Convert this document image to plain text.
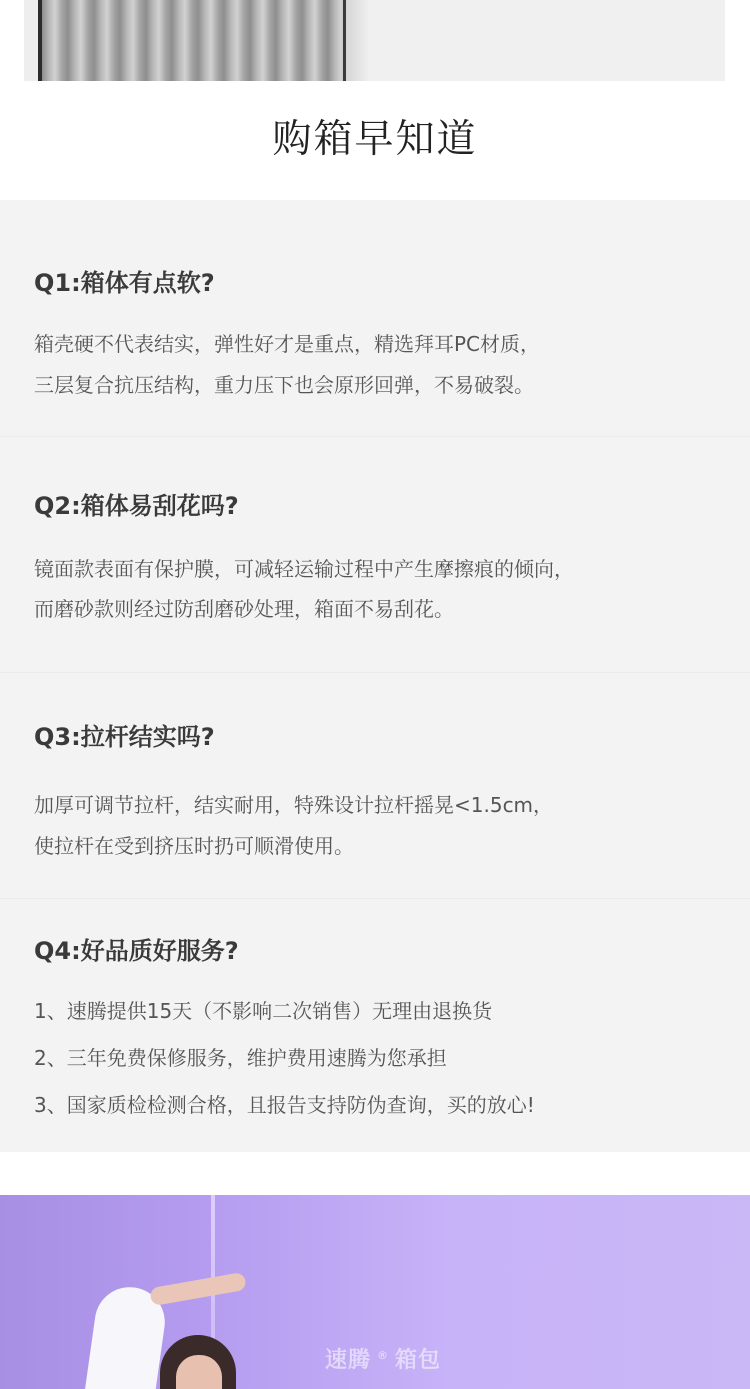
购箱早知道
Q1:箱体有点软?
箱壳硬不代表结实，弹性好才是重点，精选拜耳PC材质，
三层复合抗压结构，重力压下也会原形回弹，不易破裂。
Q2:箱体易刮花吗?
镜面款表面有保护膜，可减轻运输过程中产生摩擦痕的倾向，
而磨砂款则经过防刮磨砂处理，箱面不易刮花。
Q3:拉杆结实吗?
加厚可调节拉杆，结实耐用，特殊设计拉杆摇晃<1.5cm，
使拉杆在受到挤压时扔可顺滑使用。
Q4:好品质好服务?
1、速腾提供15天（不影响二次销售）无理由退换货
2、三年免费保修服务，维护费用速腾为您承担
3、国家质检检测合格，且报告支持防伪查询，买的放心!
速腾 ® 箱包
